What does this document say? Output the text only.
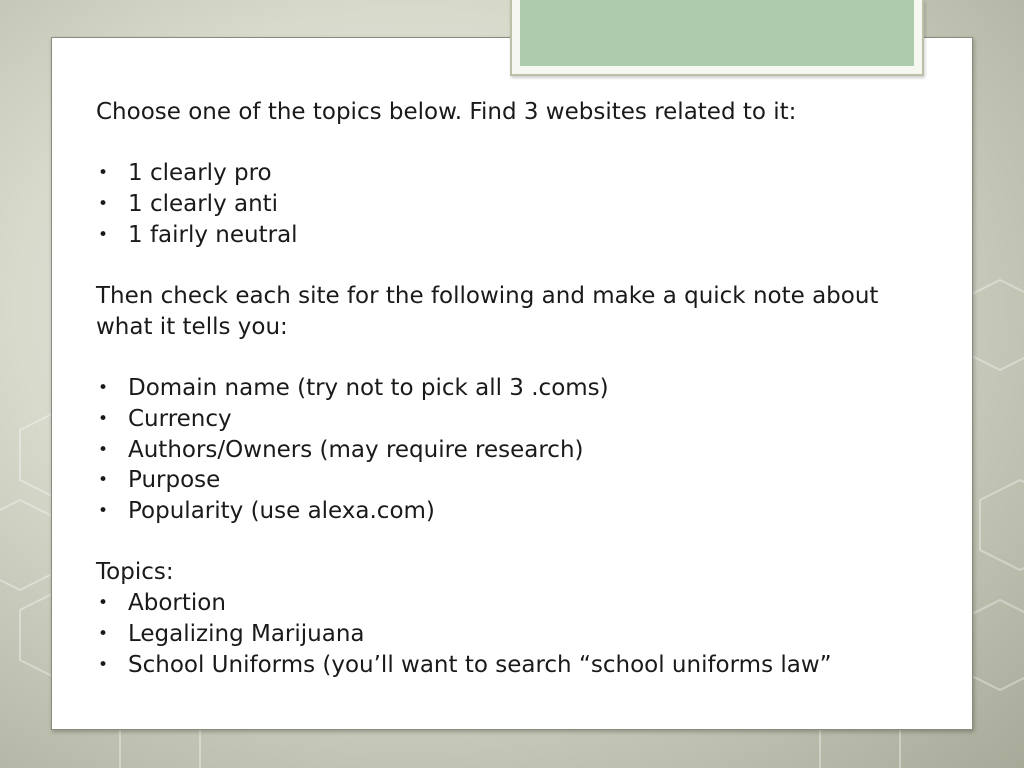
Choose one of the topics below. Find 3 websites related to it:

• 1 clearly pro
• 1 clearly anti
• 1 fairly neutral

Then check each site for the following and make a quick note about what it tells you:

• Domain name (try not to pick all 3 .coms)
• Currency
• Authors/Owners (may require research)
• Purpose
• Popularity (use alexa.com)

Topics:

• Abortion
• Legalizing Marijuana
• School Uniforms (you’ll want to search “school uniforms law”
